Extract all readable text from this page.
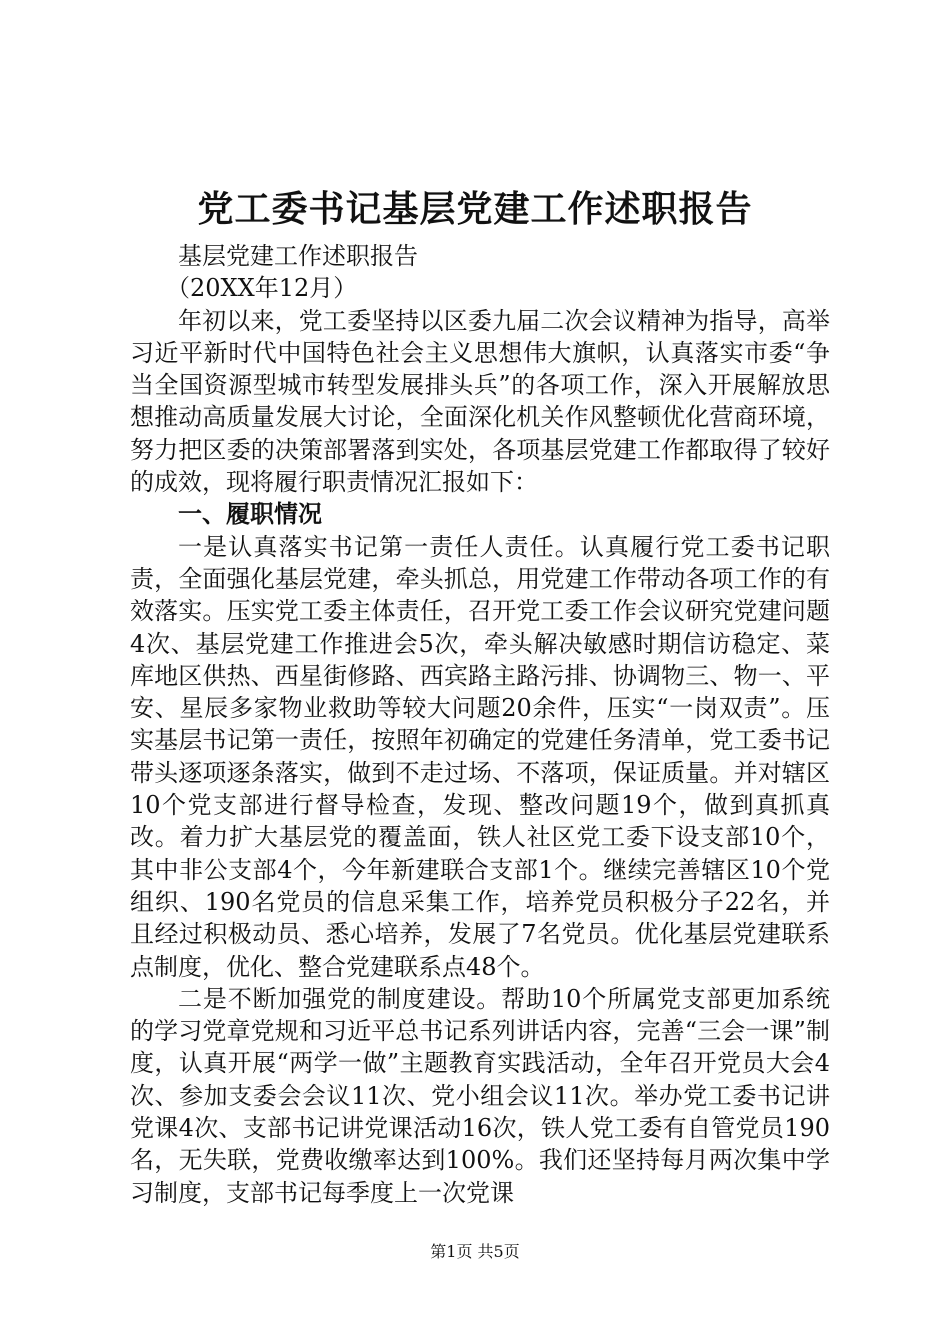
党工委书记基层党建工作述职报告

基层党建工作述职报告

（20XX年12月）

年初以来，党工委坚持以区委九届二次会议精神为指导，高举习近平新时代中国特色社会主义思想伟大旗帜，认真落实市委“争当全国资源型城市转型发展排头兵”的各项工作，深入开展解放思想推动高质量发展大讨论，全面深化机关作风整顿优化营商环境，努力把区委的决策部署落到实处，各项基层党建工作都取得了较好的成效，现将履行职责情况汇报如下：

一、履职情况

一是认真落实书记第一责任人责任。认真履行党工委书记职责，全面强化基层党建，牵头抓总，用党建工作带动各项工作的有效落实。压实党工委主体责任，召开党工委工作会议研究党建问题4次、基层党建工作推进会5次，牵头解决敏感时期信访稳定、菜库地区供热、西星街修路、西宾路主路污排、协调物三、物一、平安、星辰多家物业救助等较大问题20余件，压实“一岗双责”。压实基层书记第一责任，按照年初确定的党建任务清单，党工委书记带头逐项逐条落实，做到不走过场、不落项，保证质量。并对辖区10个党支部进行督导检查，发现、整改问题19个，做到真抓真改。着力扩大基层党的覆盖面，铁人社区党工委下设支部10个，其中非公支部4个，今年新建联合支部1个。继续完善辖区10个党组织、190名党员的信息采集工作，培养党员积极分子22名，并且经过积极动员、悉心培养，发展了7名党员。优化基层党建联系点制度，优化、整合党建联系点48个。

二是不断加强党的制度建设。帮助10个所属党支部更加系统的学习党章党规和习近平总书记系列讲话内容，完善“三会一课”制度，认真开展“两学一做”主题教育实践活动，全年召开党员大会4次、参加支委会会议11次、党小组会议11次。举办党工委书记讲党课4次、支部书记讲党课活动16次，铁人党工委有自管党员190名，无失联，党费收缴率达到100%。我们还坚持每月两次集中学习制度，支部书记每季度上一次党课

第1页 共5页
